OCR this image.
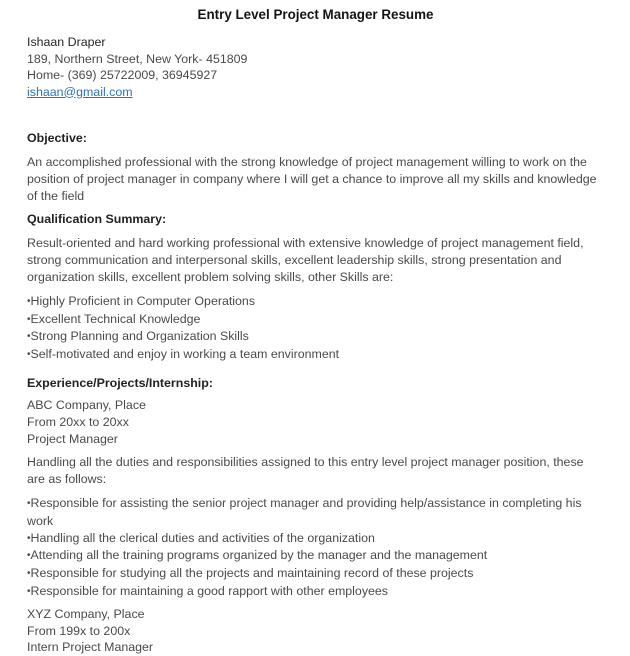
Entry Level Project Manager Resume

Ishaan Draper

189, Northern Street, New York- 451809

Home- (369) 25722009, 36945927

ishaan@gmail.com

Objective:

An accomplished professional with the strong knowledge of project management willing to work on the position of project manager in company where I will get a chance to improve all my skills and knowledge of the field

Qualification Summary:

Result-oriented and hard working professional with extensive knowledge of project management field, strong communication and interpersonal skills, excellent leadership skills, strong presentation and organization skills, excellent problem solving skills, other Skills are:

•Highly Proficient in Computer Operations
•Excellent Technical Knowledge
•Strong Planning and Organization Skills
•Self-motivated and enjoy in working a team environment
Experience/Projects/Internship:

ABC Company, Place

From 20xx to 20xx

Project Manager

Handling all the duties and responsibilities assigned to this entry level project manager position, these are as follows:

•Responsible for assisting the senior project manager and providing help/assistance in completing his work
•Handling all the clerical duties and activities of the organization
•Attending all the training programs organized by the manager and the management
•Responsible for studying all the projects and maintaining record of these projects
•Responsible for maintaining a good rapport with other employees

XYZ Company, Place

From 199x to 200x

Intern Project Manager
